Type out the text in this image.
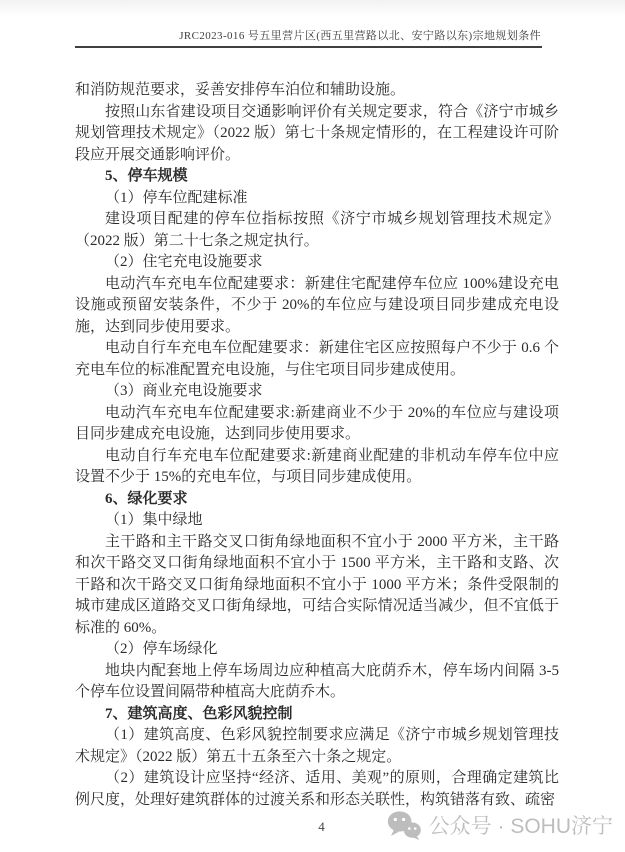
JRC2023-016 号五里营片区(西五里营路以北、安宁路以东)宗地规划条件

和消防规范要求，妥善安排停车泊位和辅助设施。

按照山东省建设项目交通影响评价有关规定要求，符合《济宁市城乡规划管理技术规定》（2022 版）第七十条规定情形的，在工程建设许可阶段应开展交通影响评价。

5、停车规模

（1）停车位配建标准

建设项目配建的停车位指标按照《济宁市城乡规划管理技术规定》（2022 版）第二十七条之规定执行。

（2）住宅充电设施要求

电动汽车充电车位配建要求：新建住宅配建停车位应 100%建设充电设施或预留安装条件，不少于 20%的车位应与建设项目同步建成充电设施，达到同步使用要求。

电动自行车充电车位配建要求：新建住宅区应按照每户不少于 0.6 个充电车位的标准配置充电设施，与住宅项目同步建成使用。

（3）商业充电设施要求

电动汽车充电车位配建要求:新建商业不少于 20%的车位应与建设项目同步建成充电设施，达到同步使用要求。

电动自行车充电车位配建要求:新建商业配建的非机动车停车位中应设置不少于 15%的充电车位，与项目同步建成使用。

6、绿化要求

（1）集中绿地

主干路和主干路交叉口街角绿地面积不宜小于 2000 平方米，主干路和次干路交叉口街角绿地面积不宜小于 1500 平方米，主干路和支路、次干路和次干路交叉口街角绿地面积不宜小于 1000 平方米；条件受限制的城市建成区道路交叉口街角绿地，可结合实际情况适当减少，但不宜低于标准的 60%。

（2）停车场绿化

地块内配套地上停车场周边应种植高大庇荫乔木，停车场内间隔 3-5 个停车位设置间隔带种植高大庇荫乔木。

7、建筑高度、色彩风貌控制

（1）建筑高度、色彩风貌控制要求应满足《济宁市城乡规划管理技术规定》（2022 版）第五十五条至六十条之规定。

（2）建筑设计应坚持“经济、适用、美观”的原则，合理确定建筑比例尺度，处理好建筑群体的过渡关系和形态关联性，构筑错落有致、疏密

4	公众号 · SOHU济宁
